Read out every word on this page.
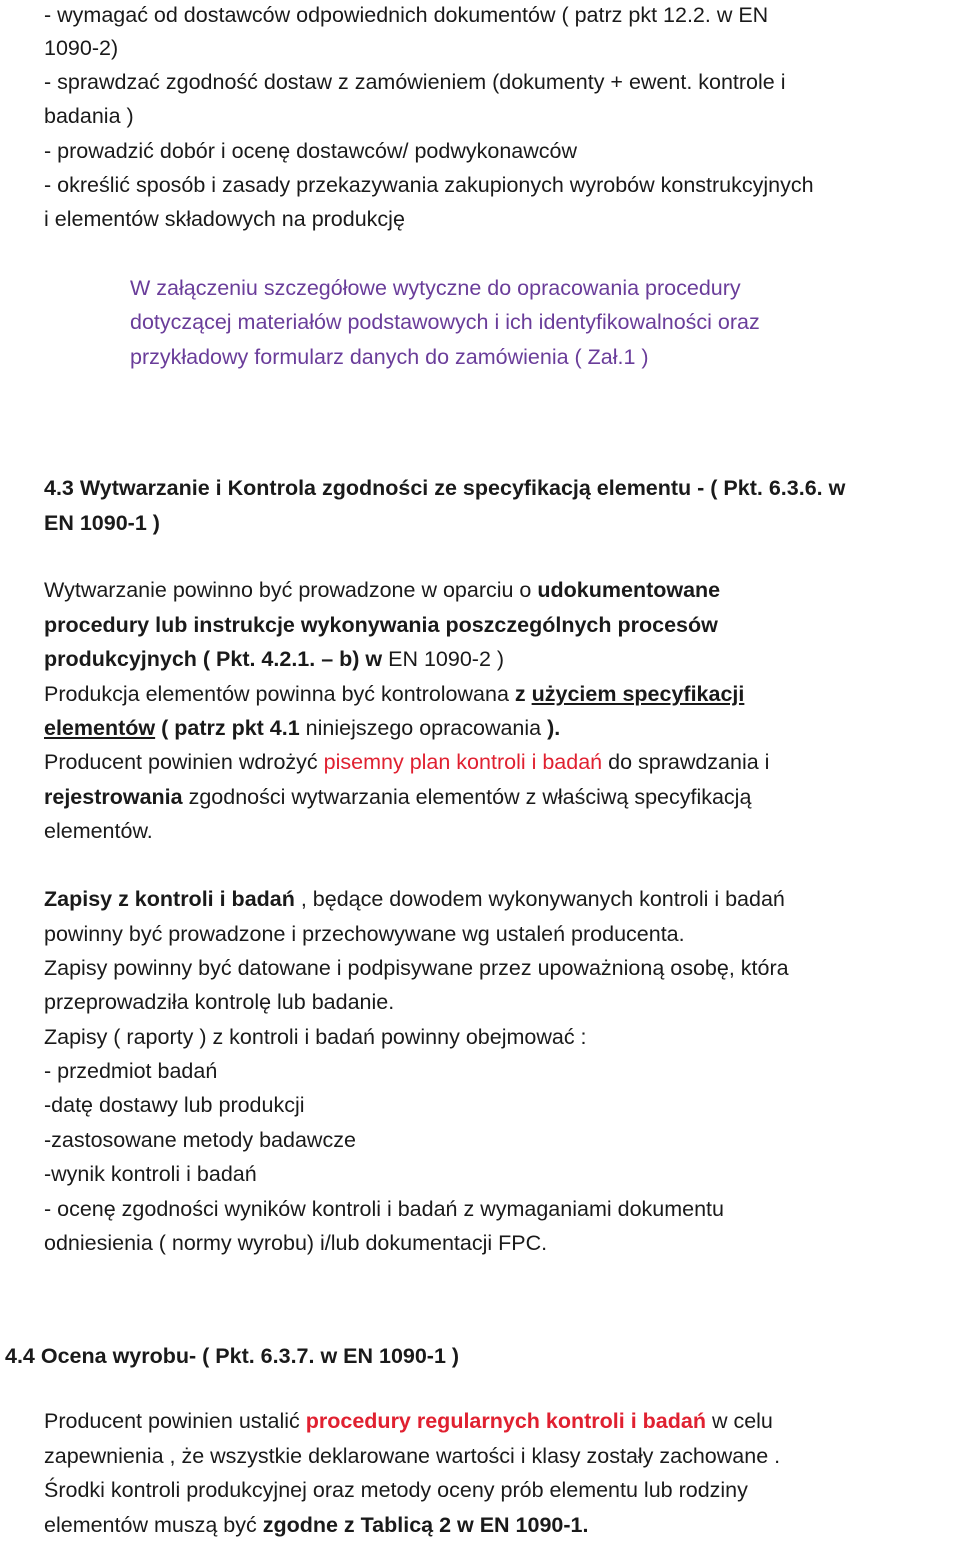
- wymagać od dostawców odpowiednich dokumentów ( patrz pkt 12.2. w EN
1090-2)
- sprawdzać zgodność dostaw z zamówieniem (dokumenty + ewent. kontrole i
badania )
- prowadzić dobór i ocenę dostawców/ podwykonawców
- określić sposób i zasady przekazywania zakupionych wyrobów konstrukcyjnych
i elementów składowych na produkcję
W załączeniu szczegółowe wytyczne do opracowania procedury
dotyczącej materiałów podstawowych i ich identyfikowalności oraz
przykładowy formularz danych do zamówienia ( Zał.1 )
4.3 Wytwarzanie i Kontrola zgodności ze specyfikacją elementu - ( Pkt. 6.3.6. w
EN 1090-1 )
Wytwarzanie powinno być prowadzone w oparciu o udokumentowane
procedury lub instrukcje wykonywania poszczególnych procesów
produkcyjnych ( Pkt. 4.2.1. – b) w EN 1090-2 )
Produkcja elementów powinna być kontrolowana z użyciem specyfikacji
elementów ( patrz pkt 4.1 niniejszego opracowania ).
Producent powinien wdrożyć pisemny plan kontroli i badań do sprawdzania i
rejestrowania zgodności wytwarzania elementów z właściwą specyfikacją
elementów.
Zapisy z kontroli i badań , będące dowodem wykonywanych kontroli i badań
powinny być prowadzone i przechowywane wg ustaleń producenta.
Zapisy powinny być datowane i podpisywane przez upoważnioną osobę, która
przeprowadziła kontrolę lub badanie.
Zapisy ( raporty ) z kontroli i badań powinny obejmować :
- przedmiot badań
-datę dostawy lub produkcji
-zastosowane metody badawcze
-wynik kontroli i badań
- ocenę zgodności wyników kontroli i badań z wymaganiami dokumentu
odniesienia ( normy wyrobu) i/lub dokumentacji FPC.
4.4 Ocena wyrobu- ( Pkt. 6.3.7. w EN 1090-1 )
Producent powinien ustalić procedury regularnych kontroli i badań w celu
zapewnienia , że wszystkie deklarowane wartości i klasy zostały zachowane .
Środki kontroli produkcyjnej oraz metody oceny prób elementu lub rodziny
elementów muszą być zgodne z Tablicą 2 w EN 1090-1.
